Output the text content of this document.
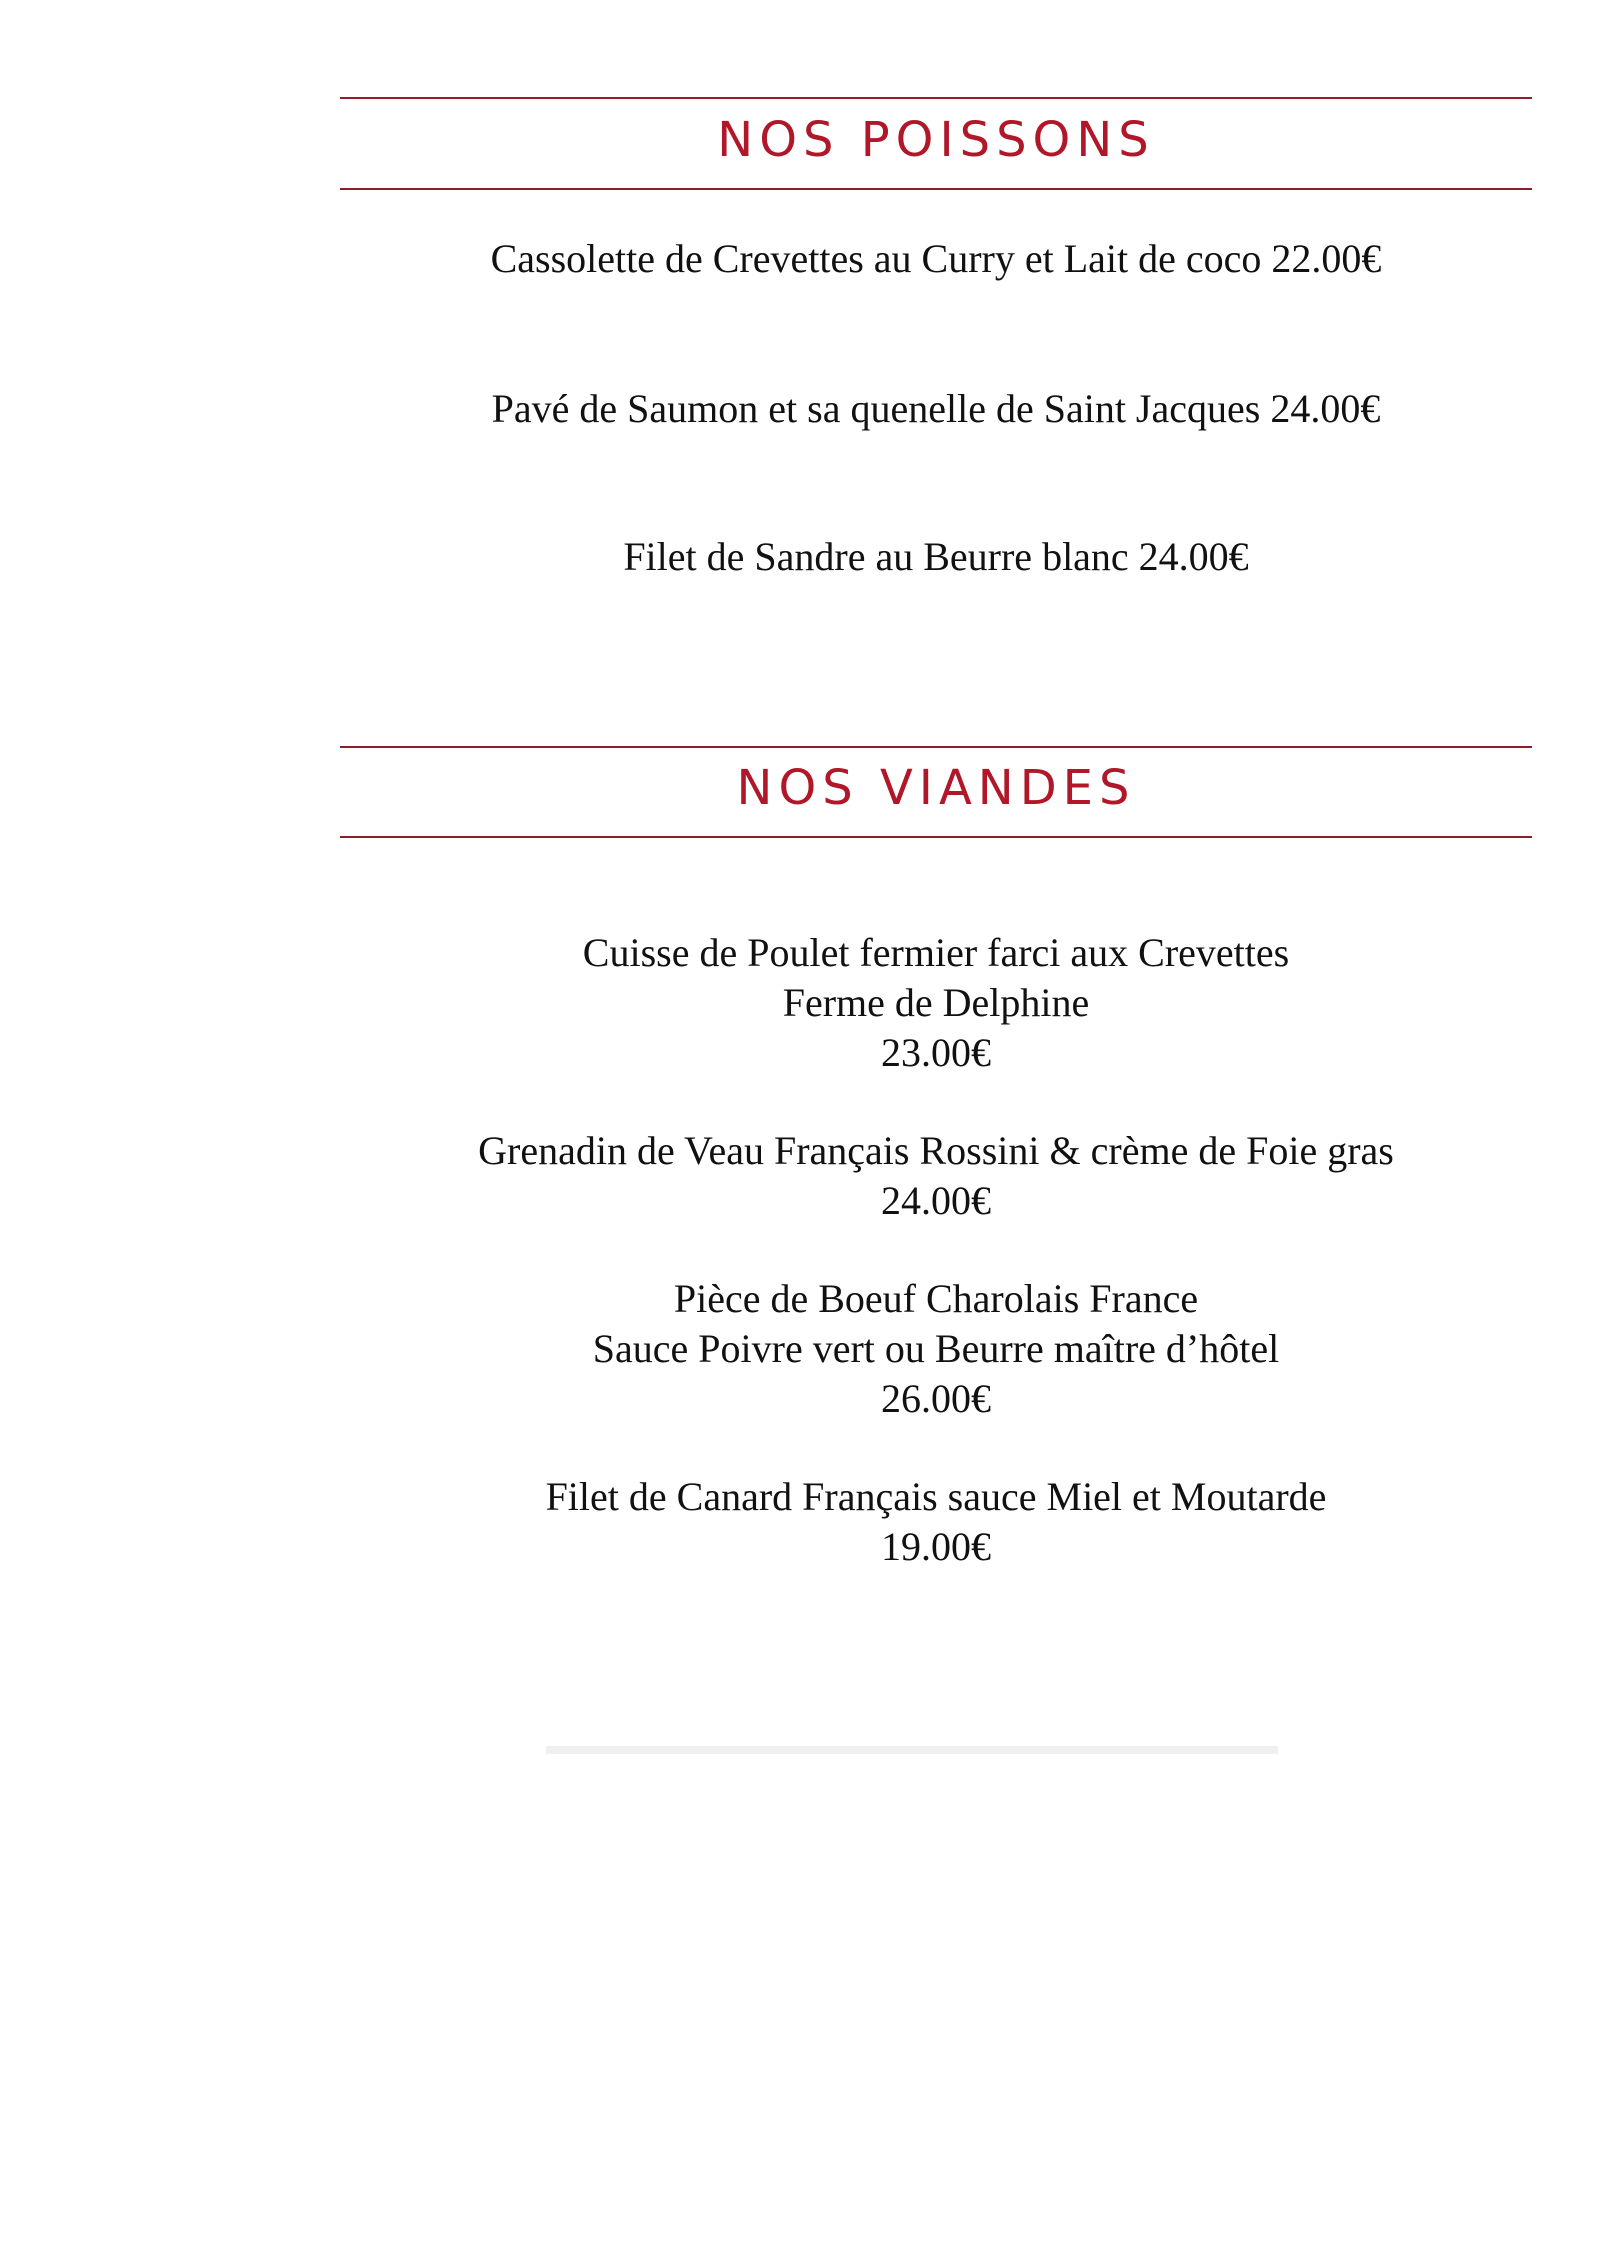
NOS POISSONS

Cassolette de Crevettes au Curry et Lait de coco 22.00€

Pavé de Saumon et sa quenelle de Saint Jacques 24.00€

Filet de Sandre au Beurre blanc 24.00€

NOS VIANDES

Cuisse de Poulet fermier farci aux Crevettes
Ferme de Delphine
23.00€

Grenadin de Veau Français Rossini & crème de Foie gras
24.00€

Pièce de Boeuf Charolais France
Sauce Poivre vert ou Beurre maître d’hôtel
26.00€

Filet de Canard Français sauce Miel et Moutarde
19.00€
